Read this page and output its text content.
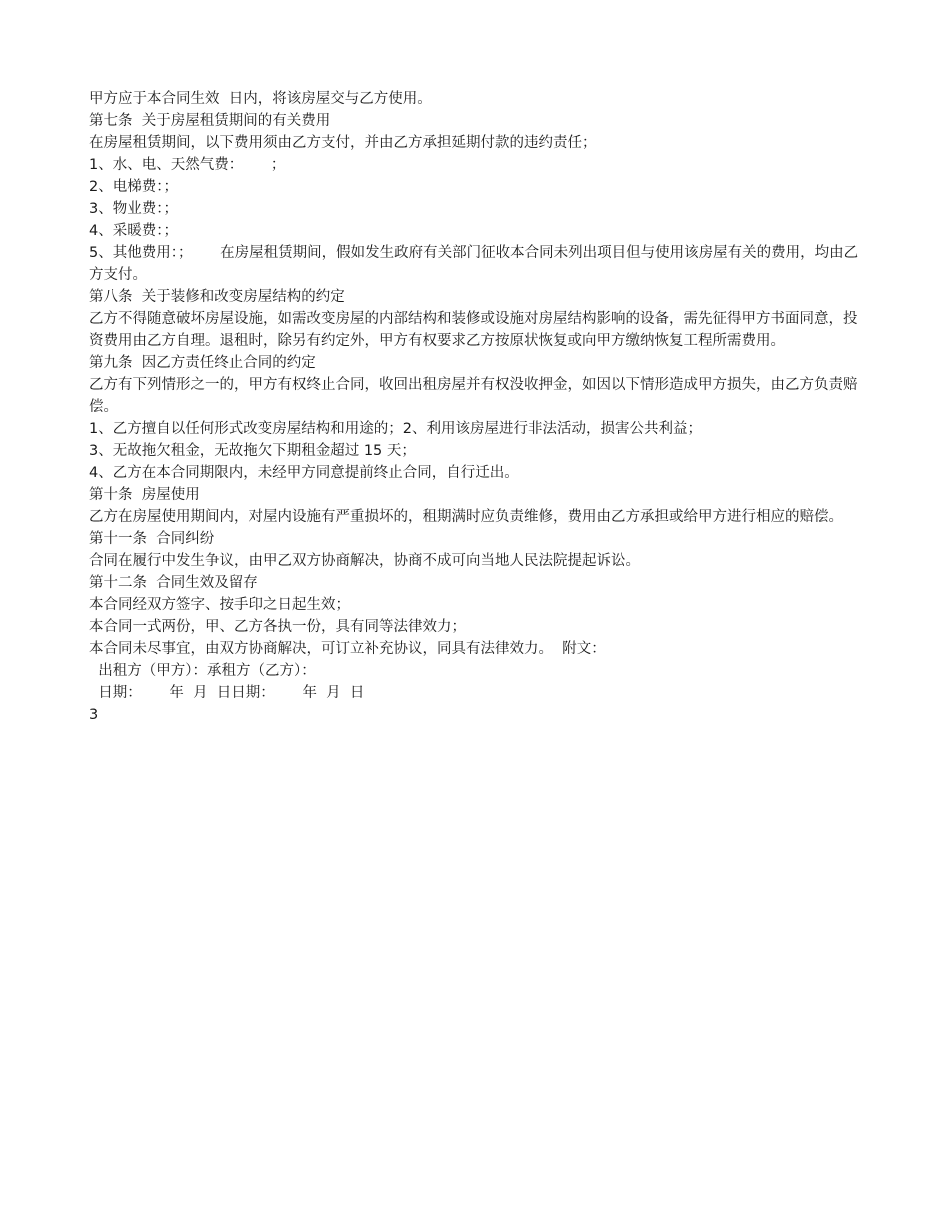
甲方应于本合同生效  日内，将该房屋交与乙方使用。

第七条  关于房屋租赁期间的有关费用

在房屋租赁期间，以下费用须由乙方支付，并由乙方承担延期付款的违约责任；

1、水、电、天然气费：      ；

2、电梯费：；

3、物业费：；

4、采暖费：；

5、其他费用：；      在房屋租赁期间，假如发生政府有关部门征收本合同未列出项目但与使用该房屋有关的费用，均由乙方支付。

第八条  关于装修和改变房屋结构的约定

乙方不得随意破坏房屋设施，如需改变房屋的内部结构和装修或设施对房屋结构影响的设备，需先征得甲方书面同意，投资费用由乙方自理。退租时，除另有约定外，甲方有权要求乙方按原状恢复或向甲方缴纳恢复工程所需费用。

第九条  因乙方责任终止合同的约定

乙方有下列情形之一的，甲方有权终止合同，收回出租房屋并有权没收押金，如因以下情形造成甲方损失，由乙方负责赔偿。

1、乙方擅自以任何形式改变房屋结构和用途的；2、利用该房屋进行非法活动，损害公共利益；

3、无故拖欠租金，无故拖欠下期租金超过 15 天；

4、乙方在本合同期限内，未经甲方同意提前终止合同，自行迁出。

第十条  房屋使用

乙方在房屋使用期间内，对屋内设施有严重损坏的，租期满时应负责维修，费用由乙方承担或给甲方进行相应的赔偿。

第十一条  合同纠纷

合同在履行中发生争议，由甲乙双方协商解决，协商不成可向当地人民法院提起诉讼。

第十二条  合同生效及留存

本合同经双方签字、按手印之日起生效；

本合同一式两份，甲、乙方各执一份，具有同等法律效力；

本合同未尽事宜，由双方协商解决，可订立补充协议，同具有法律效力。  附文：

出租方（甲方）：承租方（乙方）：

日期：      年  月  日日期：      年  月  日

3
